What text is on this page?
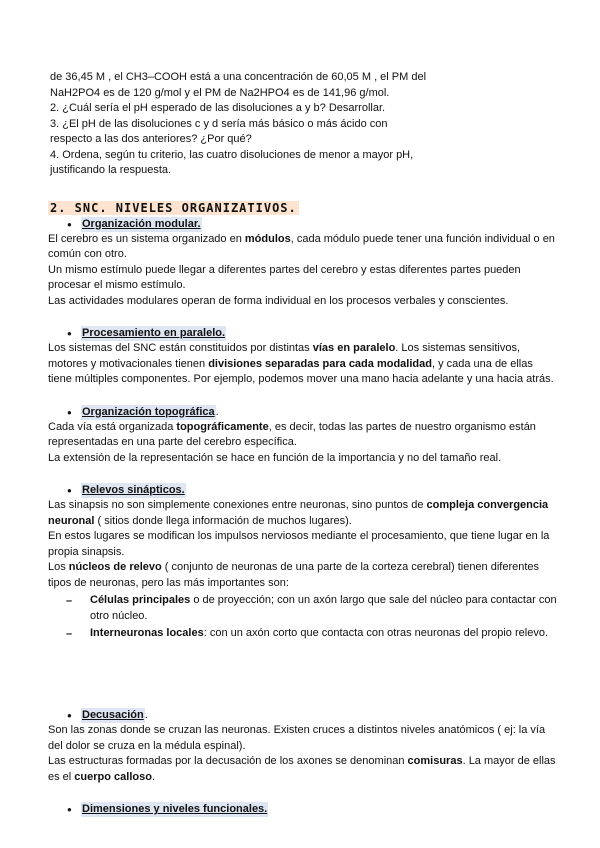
de 36,45 M , el CH3–COOH está a una concentración de 60,05 M , el PM del

NaH2PO4 es de 120 g/mol y el PM de Na2HPO4 es de 141,96 g/mol.

2. ¿Cuál sería el pH esperado de las disoluciones a y b? Desarrollar.

3. ¿El pH de las disoluciones c y d sería más básico o más ácido con

respecto a las dos anteriores? ¿Por qué?

4. Ordena, según tu criterio, las cuatro disoluciones de menor a mayor pH,

justificando la respuesta.

2. SNC. NIVELES ORGANIZATIVOS.
● Organización modular.

El cerebro es un sistema organizado en módulos, cada módulo puede tener una función individual o en

común con otro.

Un mismo estímulo puede llegar a diferentes partes del cerebro y estas diferentes partes pueden

procesar el mismo estímulo.

Las actividades modulares operan de forma individual en los procesos verbales y conscientes.

● Procesamiento en paralelo.

Los sistemas del SNC están constituidos por distintas vías en paralelo. Los sistemas sensitivos,

motores y motivacionales tienen divisiones separadas para cada modalidad, y cada una de ellas

tiene múltiples componentes. Por ejemplo, podemos mover una mano hacia adelante y una hacia atrás.

● Organización topográfica .

Cada vía está organizada topográficamente, es decir, todas las partes de nuestro organismo están

representadas en una parte del cerebro específica.

La extensión de la representación se hace en función de la importancia y no del tamaño real.

● Relevos sinápticos.

Las sinapsis no son simplemente conexiones entre neuronas, sino puntos de compleja convergencia

neuronal ( sitios donde llega información de muchos lugares).

En estos lugares se modifican los impulsos nerviosos mediante el procesamiento, que tiene lugar en la

propia sinapsis.

Los núcleos de relevo ( conjunto de neuronas de una parte de la corteza cerebral) tienen diferentes

tipos de neuronas, pero las más importantes son:

–	Células principales o de proyección; con un axón largo que sale del núcleo para contactar con

otro núcleo.

–	Interneuronas locales: con un axón corto que contacta con otras neuronas del propio relevo.

● Decusación .

Son las zonas donde se cruzan las neuronas. Existen cruces a distintos niveles anatómicos ( ej: la vía

del dolor se cruza en la médula espinal).

Las estructuras formadas por la decusación de los axones se denominan comisuras. La mayor de ellas

es el cuerpo calloso.

● Dimensiones y niveles funcionales.
